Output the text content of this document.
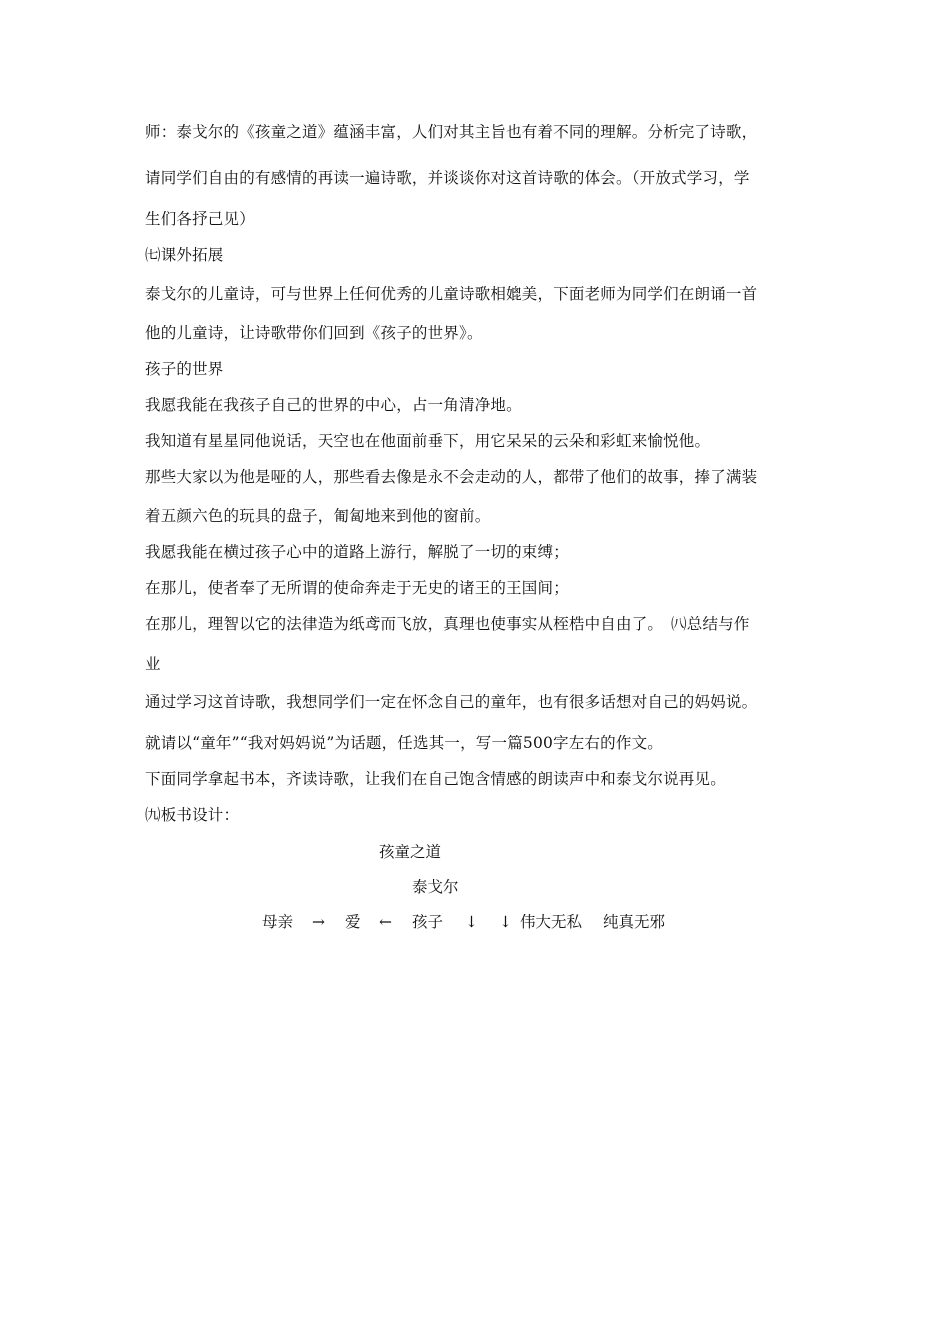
师：泰戈尔的《孩童之道》蕴涵丰富，人们对其主旨也有着不同的理解。分析完了诗歌，
请同学们自由的有感情的再读一遍诗歌，并谈谈你对这首诗歌的体会。（开放式学习，学
生们各抒己见）
㈦课外拓展
泰戈尔的儿童诗，可与世界上任何优秀的儿童诗歌相媲美，下面老师为同学们在朗诵一首
他的儿童诗，让诗歌带你们回到《孩子的世界》。
孩子的世界
我愿我能在我孩子自己的世界的中心，占一角清净地。
我知道有星星同他说话，天空也在他面前垂下，用它呆呆的云朵和彩虹来愉悦他。
那些大家以为他是哑的人，那些看去像是永不会走动的人，都带了他们的故事，捧了满装
着五颜六色的玩具的盘子，匍匐地来到他的窗前。
我愿我能在横过孩子心中的道路上游行，解脱了一切的束缚；
在那儿，使者奉了无所谓的使命奔走于无史的诸王的王国间；
在那儿，理智以它的法律造为纸鸢而飞放，真理也使事实从桎梏中自由了。　㈧总结与作
业
通过学习这首诗歌，我想同学们一定在怀念自己的童年，也有很多话想对自己的妈妈说。
就请以“童年”“我对妈妈说”为话题，任选其一，写一篇500字左右的作文。
下面同学拿起书本，齐读诗歌，让我们在自己饱含情感的朗读声中和泰戈尔说再见。
㈨板书设计：
孩童之道
泰戈尔
母亲 → 爱 ← 孩子 ↓ ↓ 伟大无私 纯真无邪
